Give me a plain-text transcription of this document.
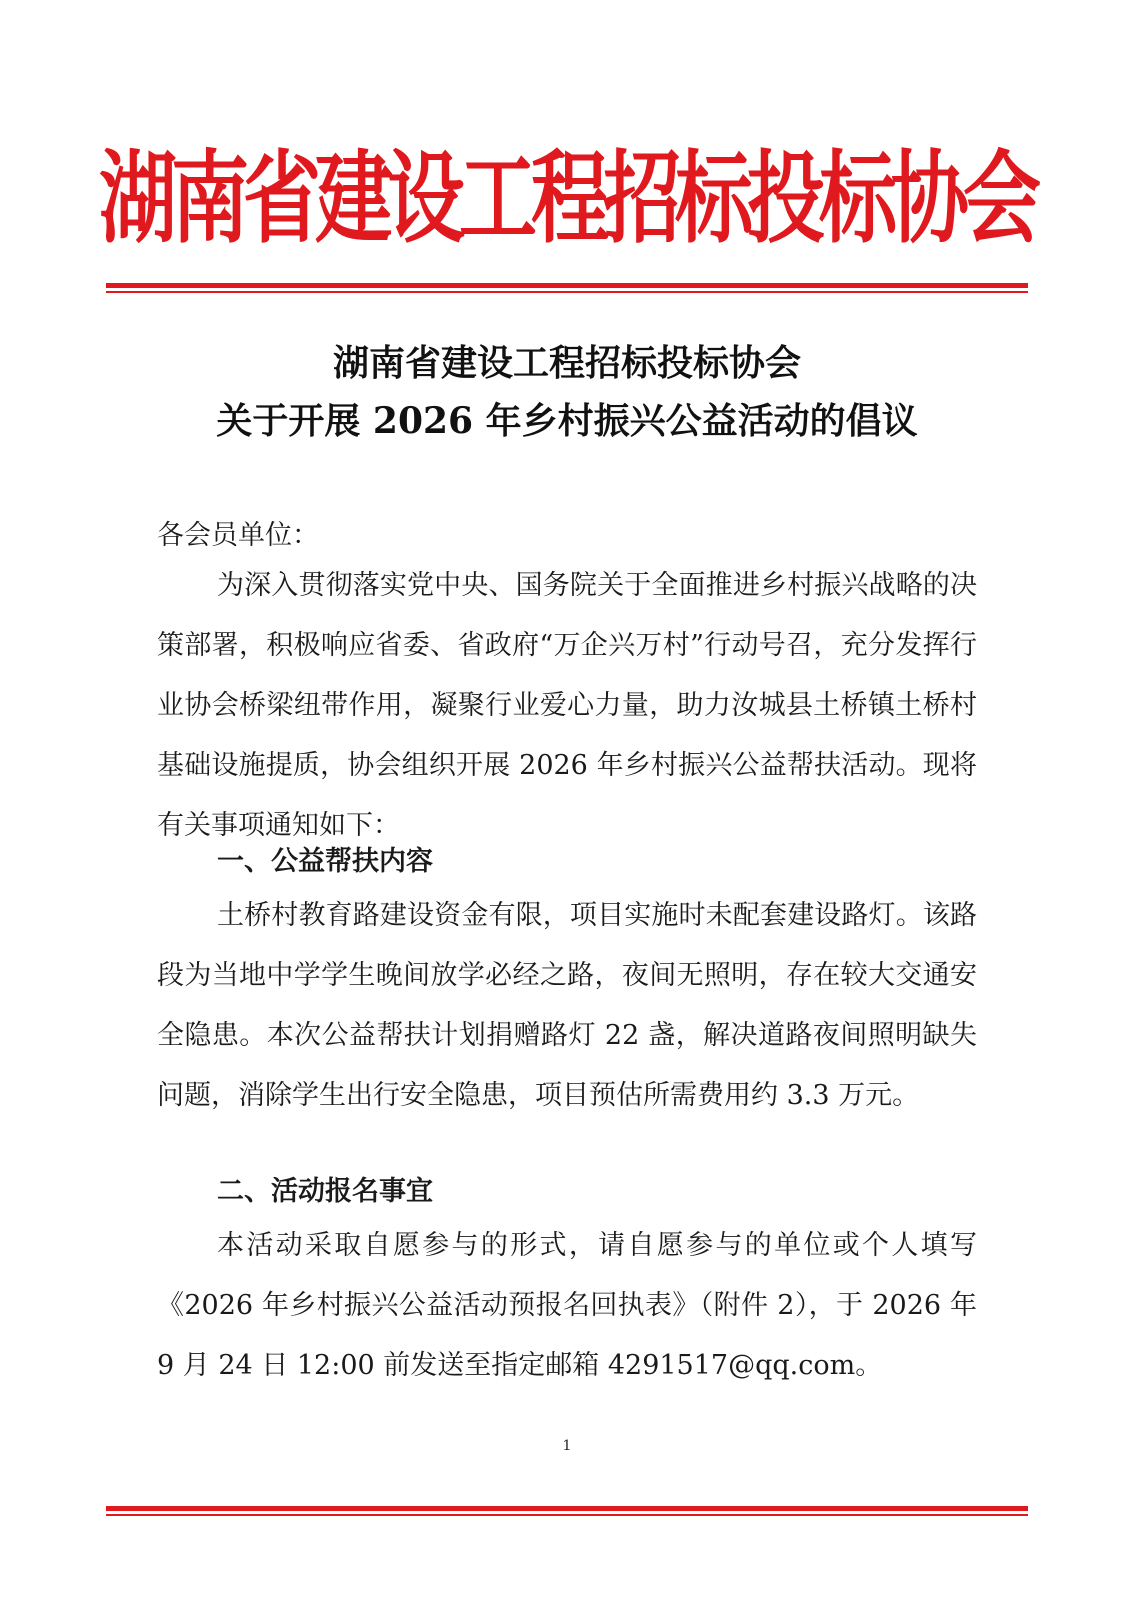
湖南省建设工程招标投标协会
湖南省建设工程招标投标协会
关于开展 2026 年乡村振兴公益活动的倡议
各会员单位：

为深入贯彻落实党中央、国务院关于全面推进乡村振兴战略的决策部署，积极响应省委、省政府“万企兴万村”行动号召，充分发挥行业协会桥梁纽带作用，凝聚行业爱心力量，助力汝城县土桥镇土桥村基础设施提质，协会组织开展 2026 年乡村振兴公益帮扶活动。现将有关事项通知如下：

一、公益帮扶内容

土桥村教育路建设资金有限，项目实施时未配套建设路灯。该路段为当地中学学生晚间放学必经之路，夜间无照明，存在较大交通安全隐患。本次公益帮扶计划捐赠路灯 22 盏，解决道路夜间照明缺失问题，消除学生出行安全隐患，项目预估所需费用约 3.3 万元。

二、活动报名事宜

本活动采取自愿参与的形式，请自愿参与的单位或个人填写《2026 年乡村振兴公益活动预报名回执表》（附件 2），于 2026 年 9 月 24 日 12:00 前发送至指定邮箱 4291517@qq.com。

1
